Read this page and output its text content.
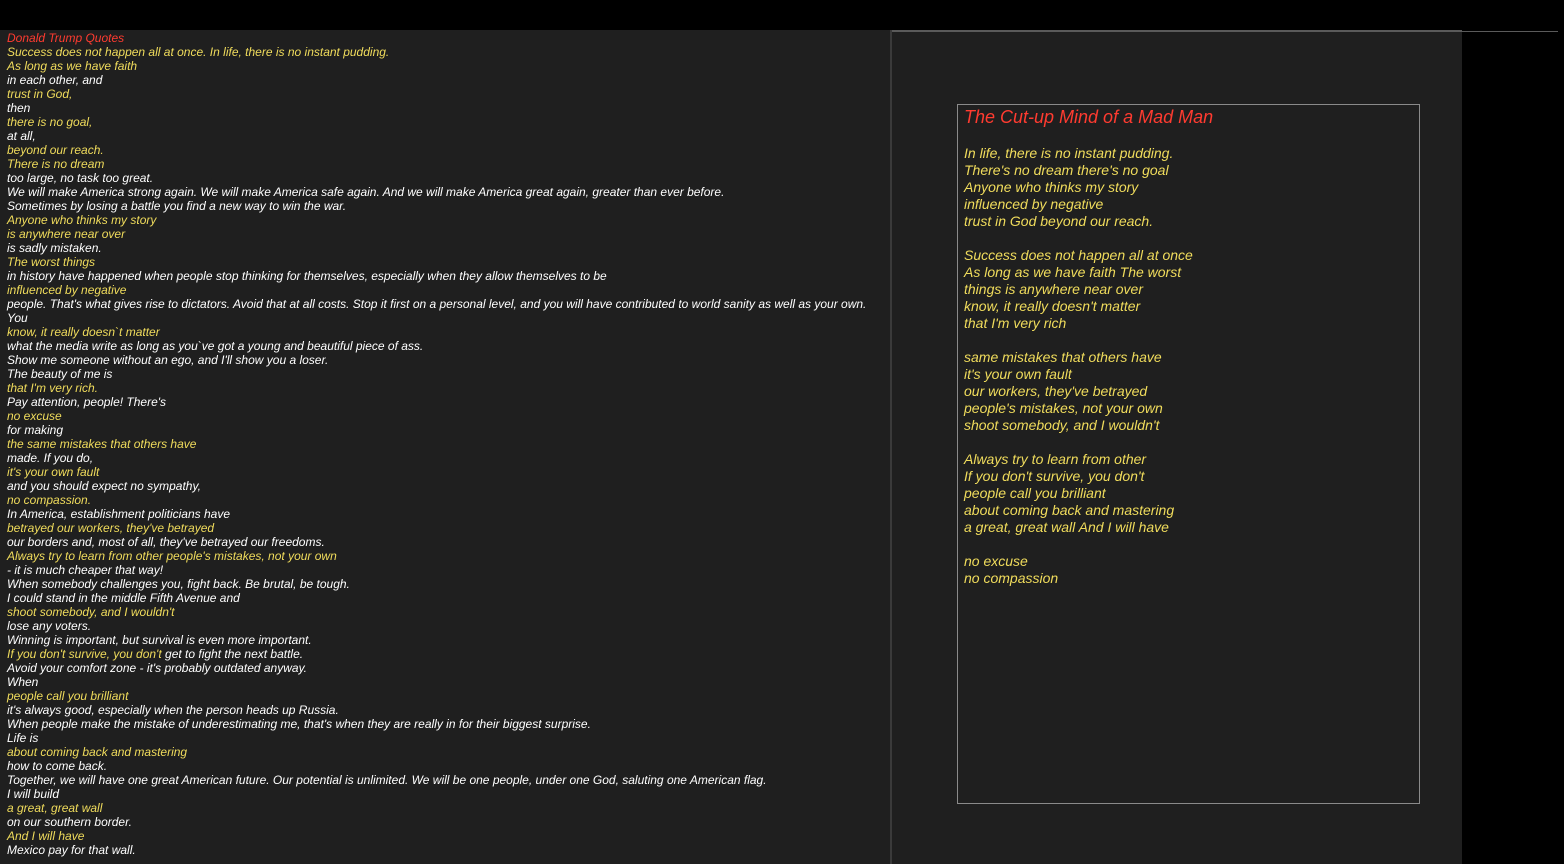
Donald Trump Quotes
Success does not happen all at once. In life, there is no instant pudding.
As long as we have faith
in each other, and
trust in God,
then
there is no goal,
at all,
beyond our reach.
There is no dream
too large, no task too great.
We will make America strong again. We will make America safe again. And we will make America great again, greater than ever before.
Sometimes by losing a battle you find a new way to win the war.
Anyone who thinks my story
is anywhere near over
is sadly mistaken.
The worst things
in history have happened when people stop thinking for themselves, especially when they allow themselves to be
influenced by negative
people. That's what gives rise to dictators. Avoid that at all costs. Stop it first on a personal level, and you will have contributed to world sanity as well as your own.
You
know, it really doesn`t matter
what the media write as long as you`ve got a young and beautiful piece of ass.
Show me someone without an ego, and I'll show you a loser.
The beauty of me is
that I'm very rich.
Pay attention, people! There's
no excuse
for making
the same mistakes that others have
made. If you do,
it's your own fault
and you should expect no sympathy,
no compassion.
In America, establishment politicians have
betrayed our workers, they've betrayed
our borders and, most of all, they've betrayed our freedoms.
Always try to learn from other people's mistakes, not your own
- it is much cheaper that way!
When somebody challenges you, fight back. Be brutal, be tough.
I could stand in the middle Fifth Avenue and
shoot somebody, and I wouldn't
lose any voters.
Winning is important, but survival is even more important.
If you don't survive, you don't get to fight the next battle.
Avoid your comfort zone - it's probably outdated anyway.
When
people call you brilliant
it's always good, especially when the person heads up Russia.
When people make the mistake of underestimating me, that's when they are really in for their biggest surprise.
Life is
about coming back and mastering
how to come back.
Together, we will have one great American future. Our potential is unlimited. We will be one people, under one God, saluting one American flag.
I will build
a great, great wall
on our southern border.
And I will have
Mexico pay for that wall.
The Cut-up Mind of a Mad Man
In life, there is no instant pudding.
There's no dream there's no goal
Anyone who thinks my story
influenced by negative
trust in God beyond our reach.
Success does not happen all at once
As long as we have faith The worst
things is anywhere near over
know, it really doesn't matter
that I'm very rich
same mistakes that others have
it's your own fault
our workers, they've betrayed
people's mistakes, not your own
shoot somebody, and I wouldn't
Always try to learn from other
If you don't survive, you don't
people call you brilliant
about coming back and mastering
a great, great wall And I will have
no excuse
no compassion
